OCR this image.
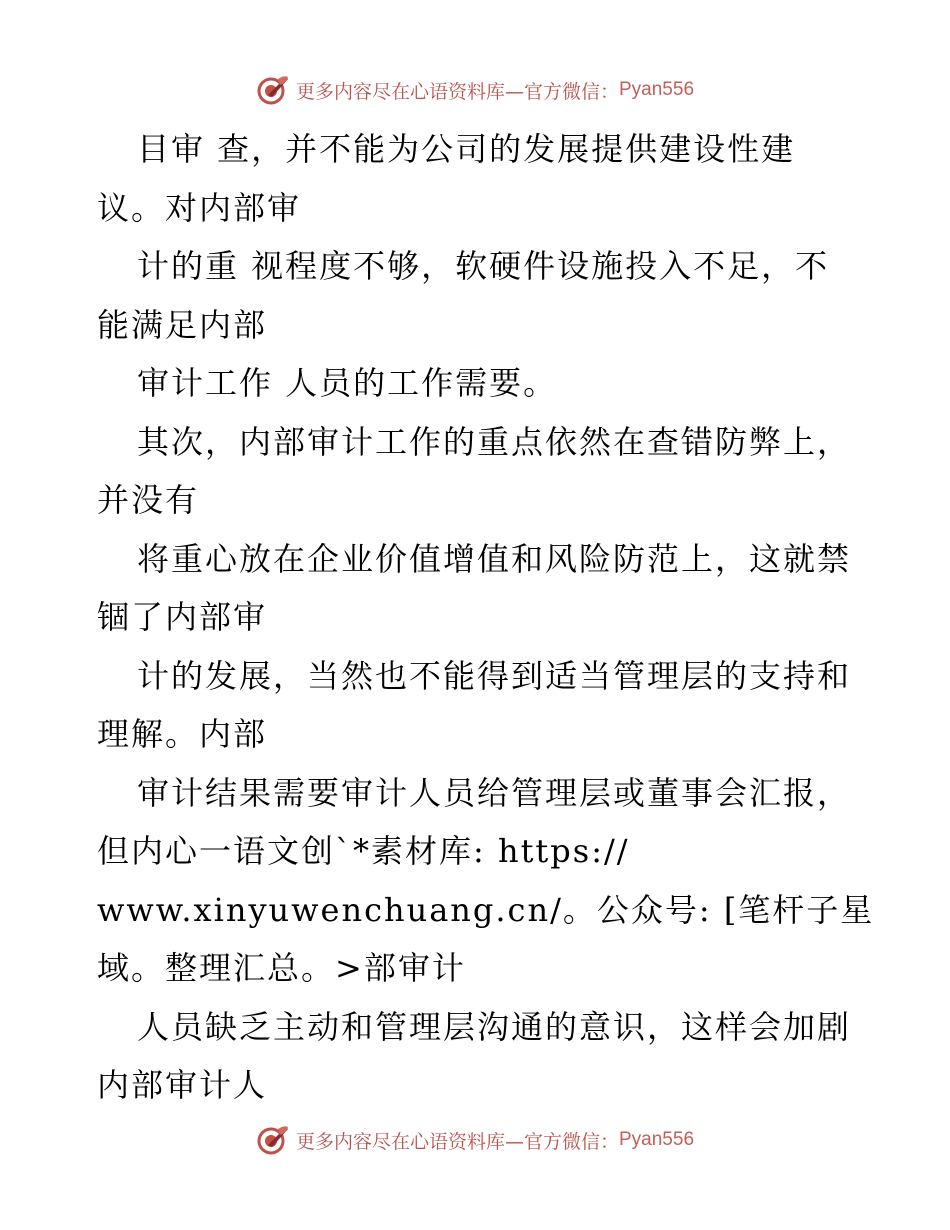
更多内容尽在心语资料库—官方微信： Pyan556
目审 查，并不能为公司的发展提供建设性建
议。对内部审
计的重 视程度不够，软硬件设施投入不足，不
能满足内部
审计工作 人员的工作需要。
其次，内部审计工作的重点依然在查错防弊上，
并没有
将重心放在企业价值增值和风险防范上，这就禁
锢了内部审
计的发展，当然也不能得到适当管理层的支持和
理解。内部
审计结果需要审计人员给管理层或董事会汇报，
但内心一语文创`*素材库: https://
www.xinyuwenchuang.cn/。公众号: [笔杆子星
域。整理汇总。>部审计
人员缺乏主动和管理层沟通的意识，这样会加剧
内部审计人
更多内容尽在心语资料库—官方微信： Pyan556
